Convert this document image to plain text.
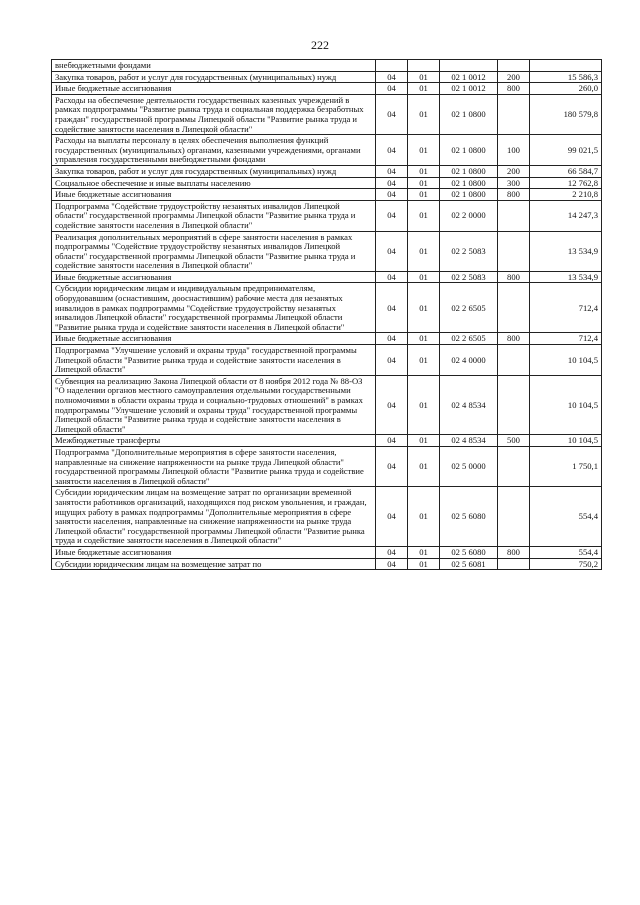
222
внебюджетными фондами					
Закупка товаров, работ и услуг для государственных (муниципальных) нужд	04	01	02 1 0012	200	15 586,3
Иные бюджетные ассигнования	04	01	02 1 0012	800	260,0
Расходы на обеспечение деятельности государственных казенных учреждений в рамках подпрограммы "Развитие рынка труда и социальная поддержка безработных граждан" государственной программы Липецкой области "Развитие рынка труда и содействие занятости населения в Липецкой области"	04	01	02 1 0800		180 579,8
Расходы на выплаты персоналу в целях обеспечения выполнения функций государственных (муниципальных) органами, казенными учреждениями, органами управления государственными внебюджетными фондами	04	01	02 1 0800	100	99 021,5
Закупка товаров, работ и услуг для государственных (муниципальных) нужд	04	01	02 1 0800	200	66 584,7
Социальное обеспечение и иные выплаты населению	04	01	02 1 0800	300	12 762,8
Иные бюджетные ассигнования	04	01	02 1 0800	800	2 210,8
Подпрограмма "Содействие трудоустройству незанятых инвалидов Липецкой области" государственной программы Липецкой области "Развитие рынка труда и содействие занятости населения в Липецкой области"	04	01	02 2 0000		14 247,3
Реализация дополнительных мероприятий в сфере занятости населения в рамках подпрограммы "Содействие трудоустройству незанятых инвалидов Липецкой области" государственной программы Липецкой области "Развитие рынка труда и содействие занятости населения в Липецкой области"	04	01	02 2 5083		13 534,9
Иные бюджетные ассигнования	04	01	02 2 5083	800	13 534,9
Субсидии юридическим лицам и индивидуальным предпринимателям, оборудовавшим (оснастившим, дооснастившим) рабочие места для незанятых инвалидов в рамках подпрограммы "Содействие трудоустройству незанятых инвалидов Липецкой области" государственной программы Липецкой области "Развитие рынка труда и содействие занятости населения в Липецкой области"	04	01	02 2 6505		712,4
Иные бюджетные ассигнования	04	01	02 2 6505	800	712,4
Подпрограмма "Улучшение условий и охраны труда" государственной программы Липецкой области "Развитие рынка труда и содействие занятости населения в Липецкой области"	04	01	02 4 0000		10 104,5
Субвенция на реализацию Закона Липецкой области от 8 ноября 2012 года № 88-ОЗ "О наделении органов местного самоуправления отдельными государственными полномочиями в области охраны труда и социально-трудовых отношений" в рамках подпрограммы "Улучшение условий и охраны труда" государственной программы Липецкой области "Развитие рынка труда и содействие занятости населения в Липецкой области"	04	01	02 4 8534		10 104,5
Межбюджетные трансферты	04	01	02 4 8534	500	10 104,5
Подпрограмма "Дополнительные мероприятия в сфере занятости населения, направленные на снижение напряженности на рынке труда Липецкой области" государственной программы Липецкой области "Развитие рынка труда и содействие занятости населения в Липецкой области"	04	01	02 5 0000		1 750,1
Субсидии юридическим лицам на возмещение затрат по организации временной занятости работников организаций, находящихся под риском увольнения, и граждан, ищущих работу в рамках подпрограммы "Дополнительные мероприятия в сфере занятости населения, направленные на снижение напряженности на рынке труда Липецкой области" государственной программы Липецкой области "Развитие рынка труда и содействие занятости населения в Липецкой области"	04	01	02 5 6080		554,4
Иные бюджетные ассигнования	04	01	02 5 6080	800	554,4
Субсидии юридическим лицам на возмещение затрат по	04	01	02 5 6081		750,2
